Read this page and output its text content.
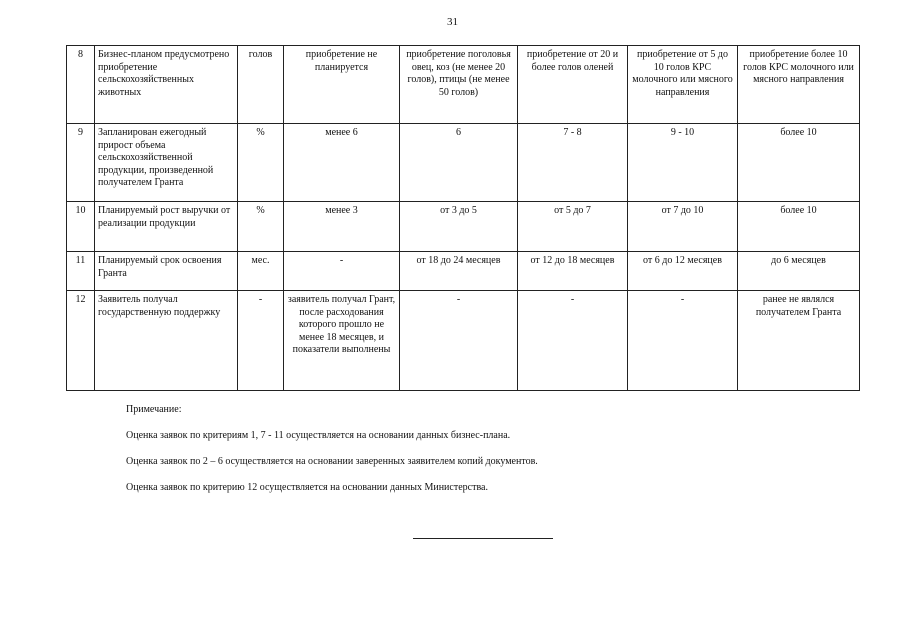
31
8	Бизнес-планом предусмотрено приобретение сельскохозяйственных животных	голов	приобретение не планируется	приобретение поголовья овец, коз (не менее 20 голов), птицы (не менее 50 голов)	приобретение от 20 и более голов оленей	приобретение от 5 до 10 голов КРС молочного или мясного направления	приобретение более 10 голов КРС молочного или мясного направления
9	Запланирован ежегодный прирост объема сельскохозяйственной продукции, произведенной получателем Гранта	%	менее 6	6	7 - 8	9 - 10	более 10
10	Планируемый рост выручки от реализации продукции	%	менее 3	от 3 до 5	от 5 до 7	от 7 до 10	более 10
11	Планируемый срок освоения Гранта	мес.	-	от 18 до 24 месяцев	от 12 до 18 месяцев	от 6 до 12 месяцев	до 6 месяцев
12	Заявитель получал государственную поддержку	-	заявитель получал Грант, после расходования которого прошло не менее 18 месяцев, и показатели выполнены	-	-	-	ранее не являлся получателем Гранта

Примечание:

Оценка заявок по критериям 1, 7 - 11 осуществляется на основании данных бизнес-плана.

Оценка заявок по 2 – 6 осуществляется на основании заверенных заявителем копий документов.

Оценка заявок по критерию 12 осуществляется на основании данных Министерства.
